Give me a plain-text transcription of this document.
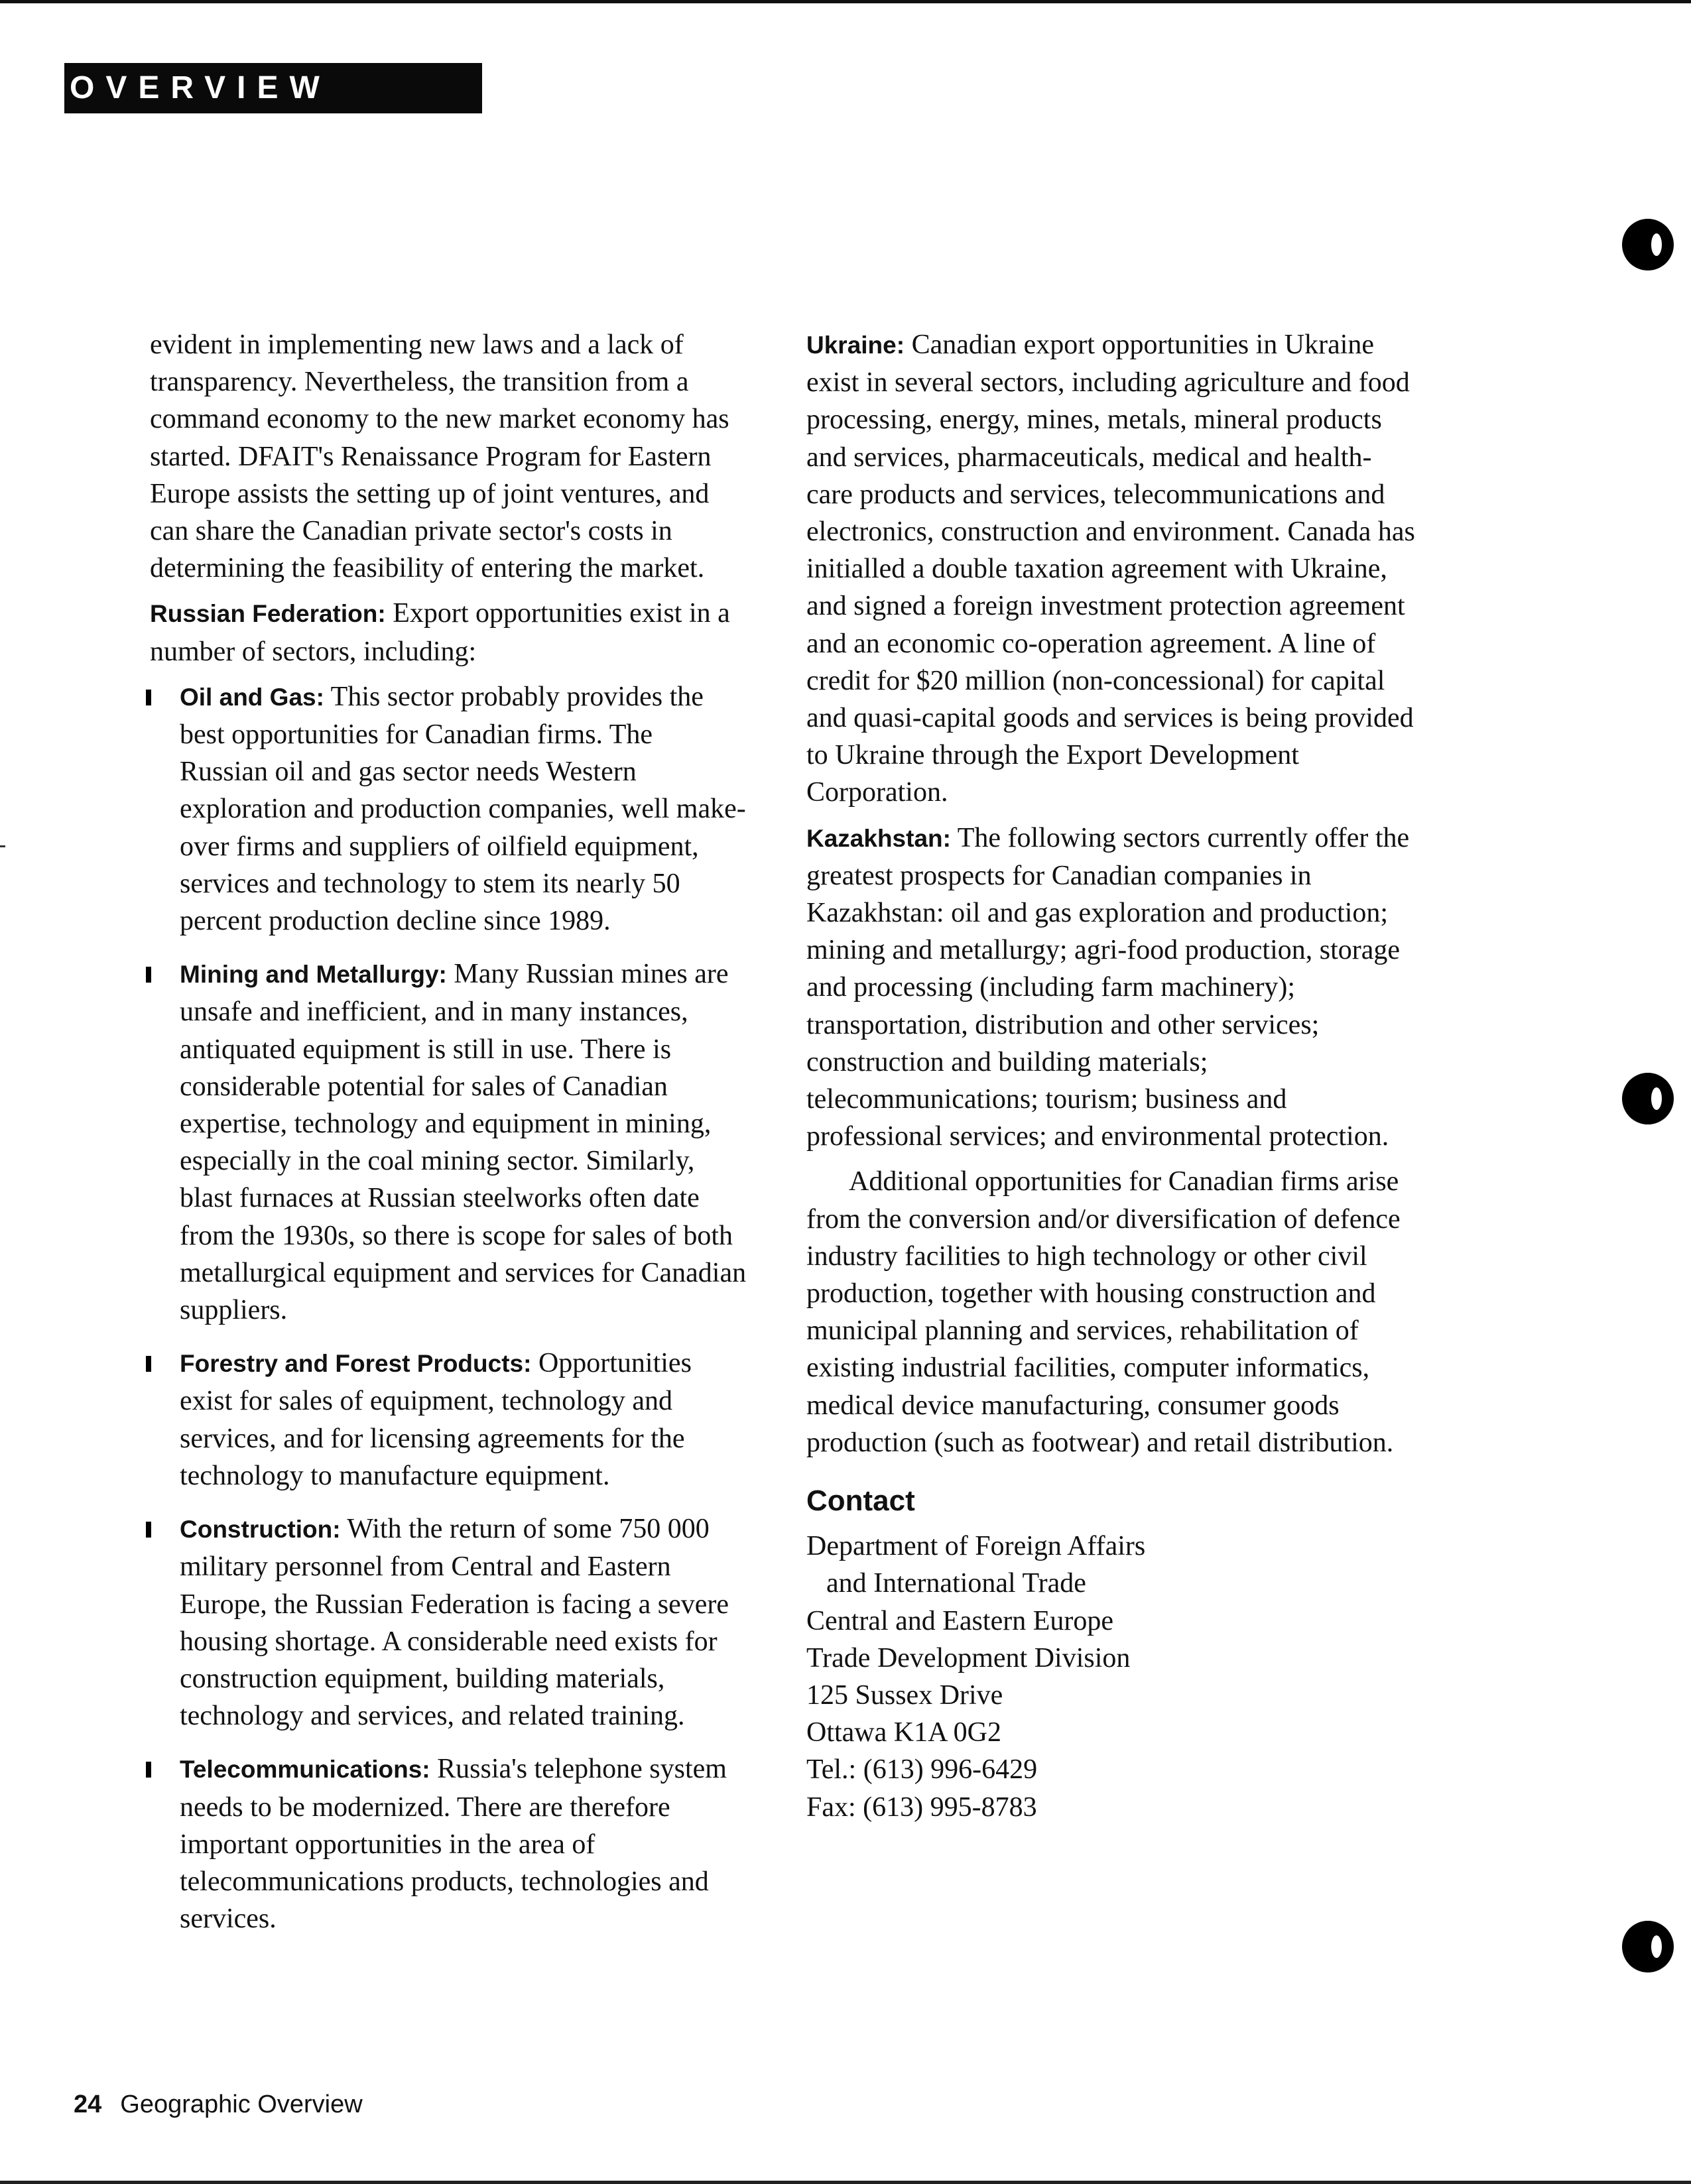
OVERVIEW

evident in implementing new laws and a lack of transparency. Nevertheless, the transition from a command economy to the new market economy has started. DFAIT's Renaissance Program for Eastern Europe assists the setting up of joint ventures, and can share the Canadian private sector's costs in determining the feasibility of entering the market.

Russian Federation: Export opportunities exist in a number of sectors, including:

Oil and Gas: This sector probably provides the best opportunities for Canadian firms. The Russian oil and gas sector needs Western exploration and production companies, well make-over firms and suppliers of oilfield equipment, services and technology to stem its nearly 50 percent production decline since 1989.
Mining and Metallurgy: Many Russian mines are unsafe and inefficient, and in many instances, antiquated equipment is still in use. There is considerable potential for sales of Canadian expertise, technology and equipment in mining, especially in the coal mining sector. Similarly, blast furnaces at Russian steelworks often date from the 1930s, so there is scope for sales of both metallurgical equipment and services for Canadian suppliers.
Forestry and Forest Products: Opportunities exist for sales of equipment, technology and services, and for licensing agreements for the technology to manufacture equipment.
Construction: With the return of some 750 000 military personnel from Central and Eastern Europe, the Russian Federation is facing a severe housing shortage. A considerable need exists for construction equipment, building materials, technology and services, and related training.
Telecommunications: Russia's telephone system needs to be modernized. There are therefore important opportunities in the area of telecommunications products, technologies and services.

Ukraine: Canadian export opportunities in Ukraine exist in several sectors, including agriculture and food processing, energy, mines, metals, mineral products and services, pharmaceuticals, medical and health-care products and services, telecommunications and electronics, construction and environment. Canada has initialled a double taxation agreement with Ukraine, and signed a foreign investment protection agreement and an economic co-operation agreement. A line of credit for $20 million (non-concessional) for capital and quasi-capital goods and services is being provided to Ukraine through the Export Development Corporation.

Kazakhstan: The following sectors currently offer the greatest prospects for Canadian companies in Kazakhstan: oil and gas exploration and production; mining and metallurgy; agri-food production, storage and processing (including farm machinery); transportation, distribution and other services; construction and building materials; telecommunications; tourism; business and professional services; and environmental protection.

Additional opportunities for Canadian firms arise from the conversion and/or diversification of defence industry facilities to high technology or other civil production, together with housing construction and municipal planning and services, rehabilitation of existing industrial facilities, computer informatics, medical device manufacturing, consumer goods production (such as footwear) and retail distribution.

Contact
Department of Foreign Affairs
and International Trade
Central and Eastern Europe
Trade Development Division
125 Sussex Drive
Ottawa K1A 0G2
Tel.: (613) 996-6429
Fax: (613) 995-8783
24 Geographic Overview
